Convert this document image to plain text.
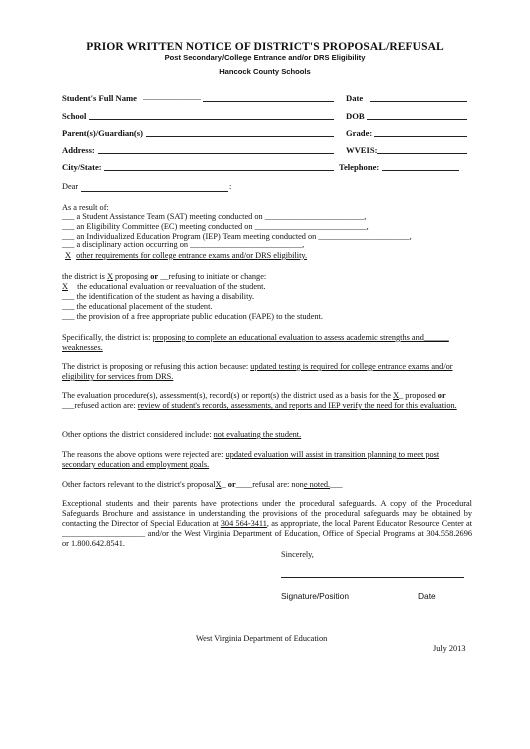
PRIOR WRITTEN NOTICE OF DISTRICT'S PROPOSAL/REFUSAL
Post Secondary/College Entrance and/or DRS Eligibility
Hancock County Schools
Student's Full Name ______________	Date
School	DOB
Parent(s)/Guardian(s)	Grade:
Address:	WVEIS:
City/State:	Telephone:
Dear	:
As a result of:
___ a Student Assistance Team (SAT) meeting conducted on ________________________,
___ an Eligibility Committee (EC) meeting conducted on ___________________________,
___ an Individualized Education Program (IEP) Team meeting conducted on ______________________,
___ a disciplinary action occurring on ___________________________,
X other requirements for college entrance exams and/or DRS eligibility.
the district is X proposing or __refusing to initiate or change:
X the educational evaluation or reevaluation of the student.
___ the identification of the student as having a disability.
___ the educational placement of the student.
___ the provision of a free appropriate public education (FAPE) to the student.
Specifically, the district is: proposing to complete an educational evaluation to assess academic strengths and______ weaknesses.
The district is proposing or refusing this action because: updated testing is required for college entrance exams and/or eligibility for services from DRS.
The evaluation procedure(s), assessment(s), record(s) or report(s) the district used as a basis for the X_ proposed or ___refused action are: review of student's records, assessments, and reports and IEP verify the need for this evaluation.
Other options the district considered include: not evaluating the student.
The reasons the above options were rejected are: updated evaluation will assist in transition planning to meet post secondary education and employment goals.
Other factors relevant to the district's proposalX_ or____refusal are: none noted.___
Exceptional students and their parents have protections under the procedural safeguards. A copy of the Procedural Safeguards Brochure and assistance in understanding the provisions of the procedural safeguards may be obtained by contacting the Director of Special Education at 304 564-3411, as appropriate, the local Parent Educator Resource Center at ____________________ and/or the West Virginia Department of Education, Office of Special Programs at 304.558.2696 or 1.800.642.8541.
Sincerely,
Signature/Position	Date
West Virginia Department of Education
July 2013
